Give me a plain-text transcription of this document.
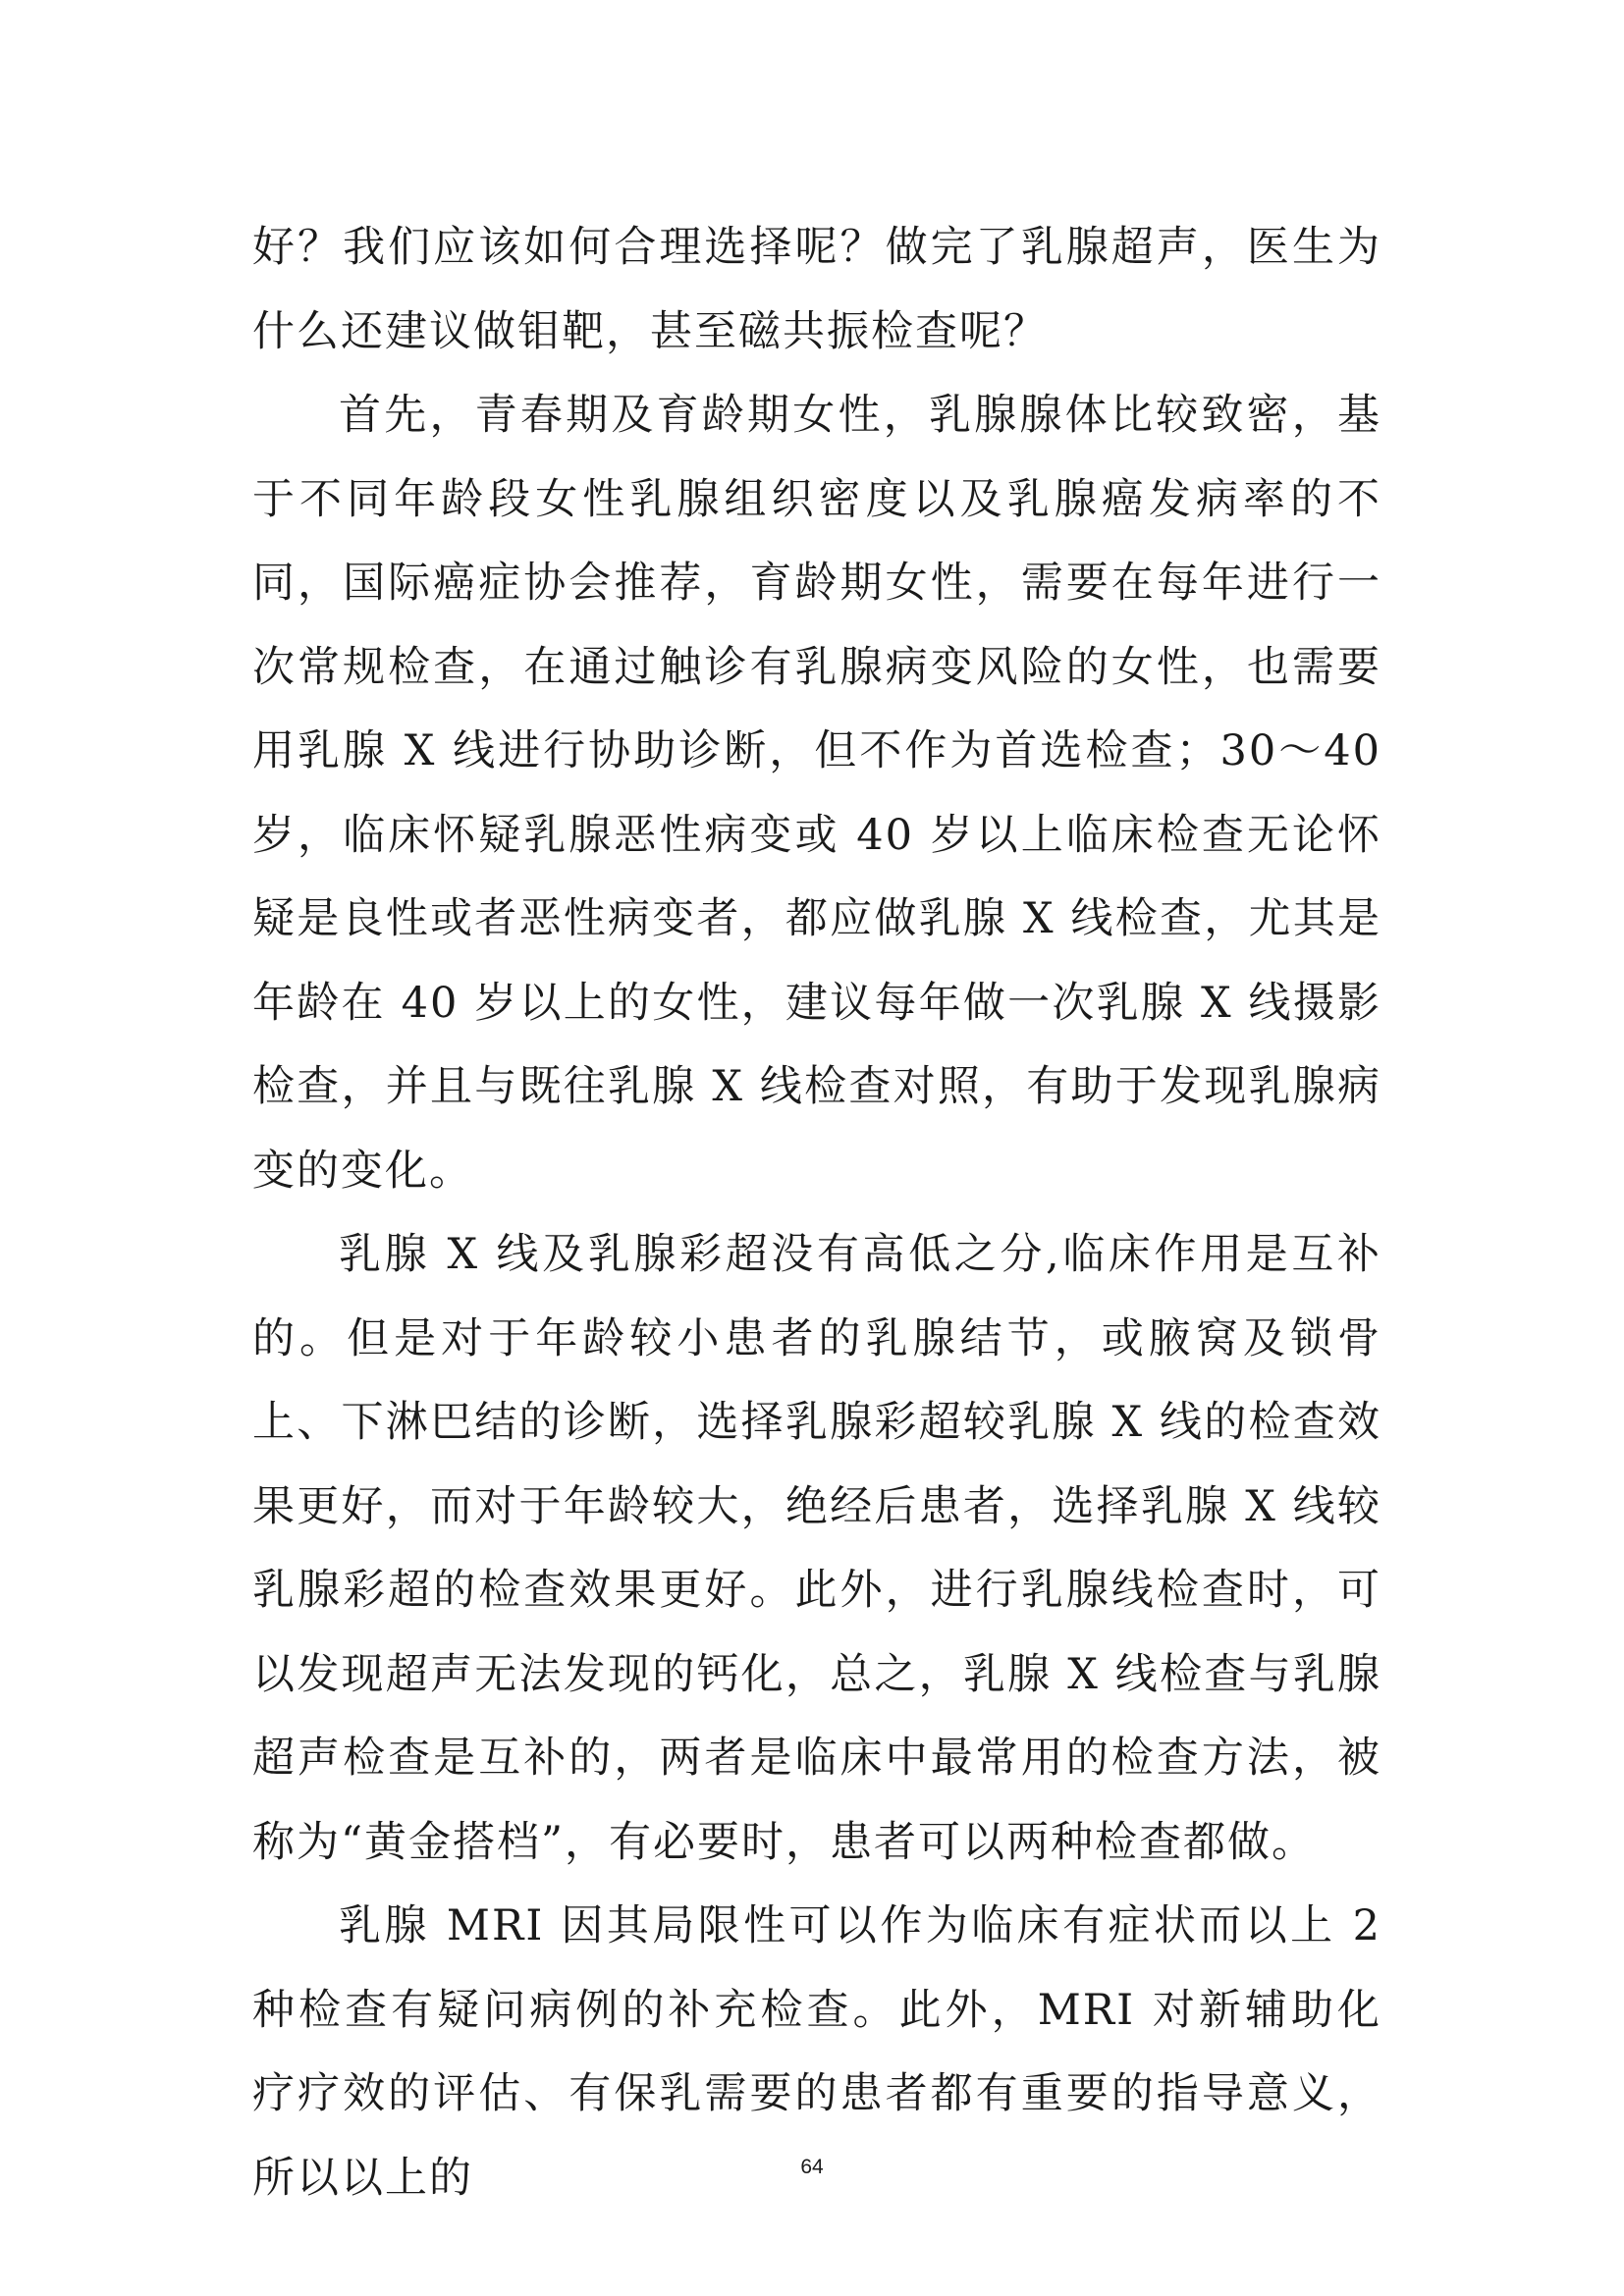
好？我们应该如何合理选择呢？做完了乳腺超声，医生为什么还建议做钼靶，甚至磁共振检查呢？

首先，青春期及育龄期女性，乳腺腺体比较致密，基于不同年龄段女性乳腺组织密度以及乳腺癌发病率的不同，国际癌症协会推荐，育龄期女性，需要在每年进行一次常规检查，在通过触诊有乳腺病变风险的女性，也需要用乳腺 X 线进行协助诊断，但不作为首选检查；30～40 岁，临床怀疑乳腺恶性病变或 40 岁以上临床检查无论怀疑是良性或者恶性病变者，都应做乳腺 X 线检查，尤其是年龄在 40 岁以上的女性，建议每年做一次乳腺 X 线摄影检查，并且与既往乳腺 X 线检查对照，有助于发现乳腺病变的变化。

乳腺 X 线及乳腺彩超没有高低之分,临床作用是互补的。但是对于年龄较小患者的乳腺结节，或腋窝及锁骨上、下淋巴结的诊断，选择乳腺彩超较乳腺 X 线的检查效果更好，而对于年龄较大，绝经后患者，选择乳腺 X 线较乳腺彩超的检查效果更好。此外，进行乳腺线检查时，可以发现超声无法发现的钙化，总之，乳腺 X 线检查与乳腺超声检查是互补的，两者是临床中最常用的检查方法，被称为“黄金搭档”，有必要时，患者可以两种检查都做。

乳腺 MRI 因其局限性可以作为临床有症状而以上 2 种检查有疑问病例的补充检查。此外，MRI 对新辅助化疗疗效的评估、有保乳需要的患者都有重要的指导意义，所以以上的	64
